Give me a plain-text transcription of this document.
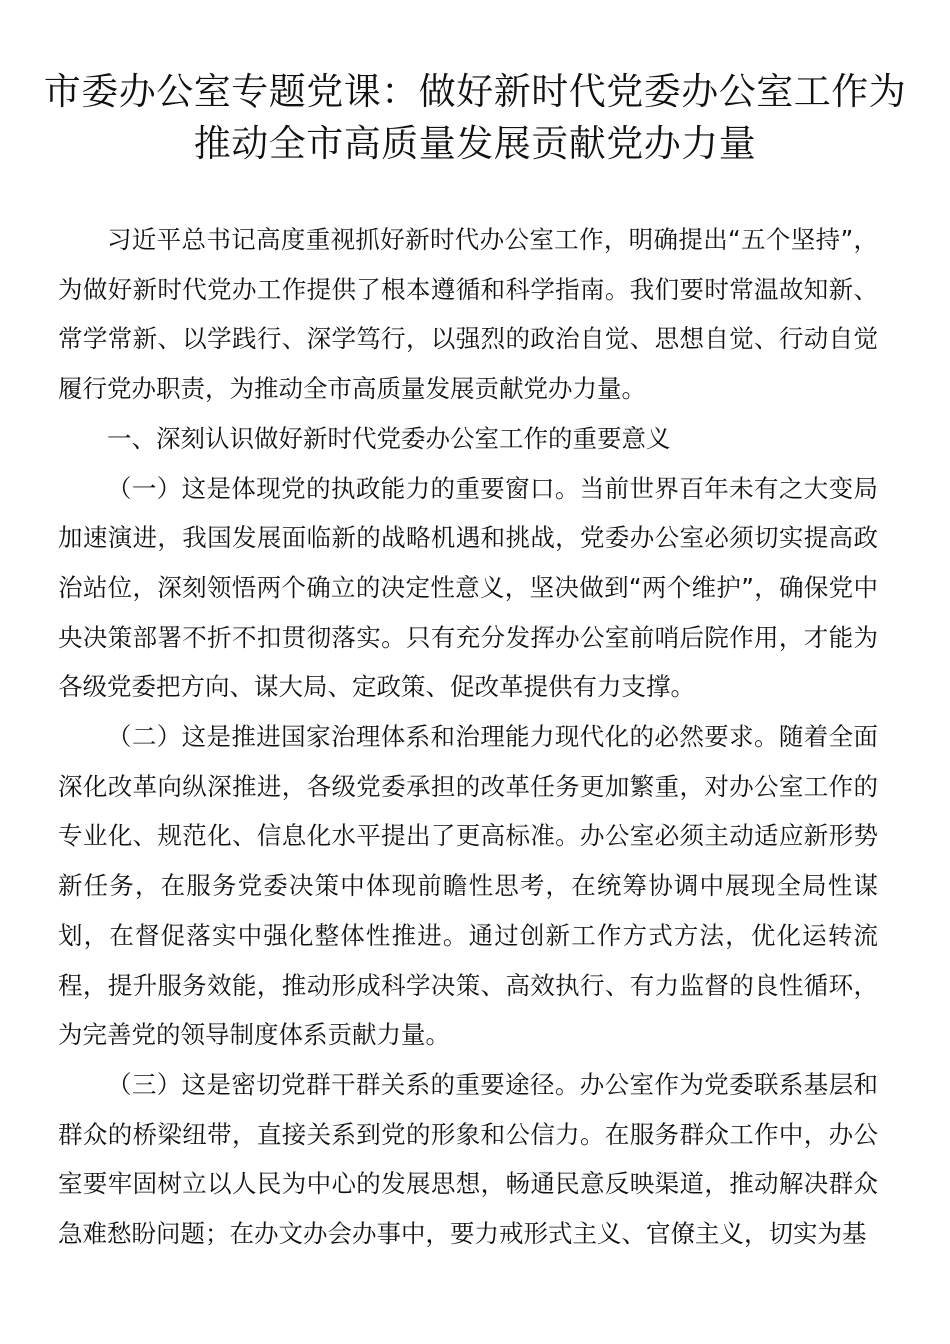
市委办公室专题党课：做好新时代党委办公室工作为
推动全市高质量发展贡献党办力量

习近平总书记高度重视抓好新时代办公室工作，明确提出“五个坚持”，为做好新时代党办工作提供了根本遵循和科学指南。我们要时常温故知新、常学常新、以学践行、深学笃行，以强烈的政治自觉、思想自觉、行动自觉履行党办职责，为推动全市高质量发展贡献党办力量。

一、深刻认识做好新时代党委办公室工作的重要意义

（一）这是体现党的执政能力的重要窗口。当前世界百年未有之大变局加速演进，我国发展面临新的战略机遇和挑战，党委办公室必须切实提高政治站位，深刻领悟两个确立的决定性意义，坚决做到“两个维护”，确保党中央决策部署不折不扣贯彻落实。只有充分发挥办公室前哨后院作用，才能为各级党委把方向、谋大局、定政策、促改革提供有力支撑。

（二）这是推进国家治理体系和治理能力现代化的必然要求。随着全面深化改革向纵深推进，各级党委承担的改革任务更加繁重，对办公室工作的专业化、规范化、信息化水平提出了更高标准。办公室必须主动适应新形势新任务，在服务党委决策中体现前瞻性思考，在统筹协调中展现全局性谋划，在督促落实中强化整体性推进。通过创新工作方式方法，优化运转流程，提升服务效能，推动形成科学决策、高效执行、有力监督的良性循环，为完善党的领导制度体系贡献力量。

（三）这是密切党群干群关系的重要途径。办公室作为党委联系基层和群众的桥梁纽带，直接关系到党的形象和公信力。在服务群众工作中，办公室要牢固树立以人民为中心的发展思想，畅通民意反映渠道，推动解决群众急难愁盼问题；在办文办会办事中，要力戒形式主义、官僚主义，切实为基
